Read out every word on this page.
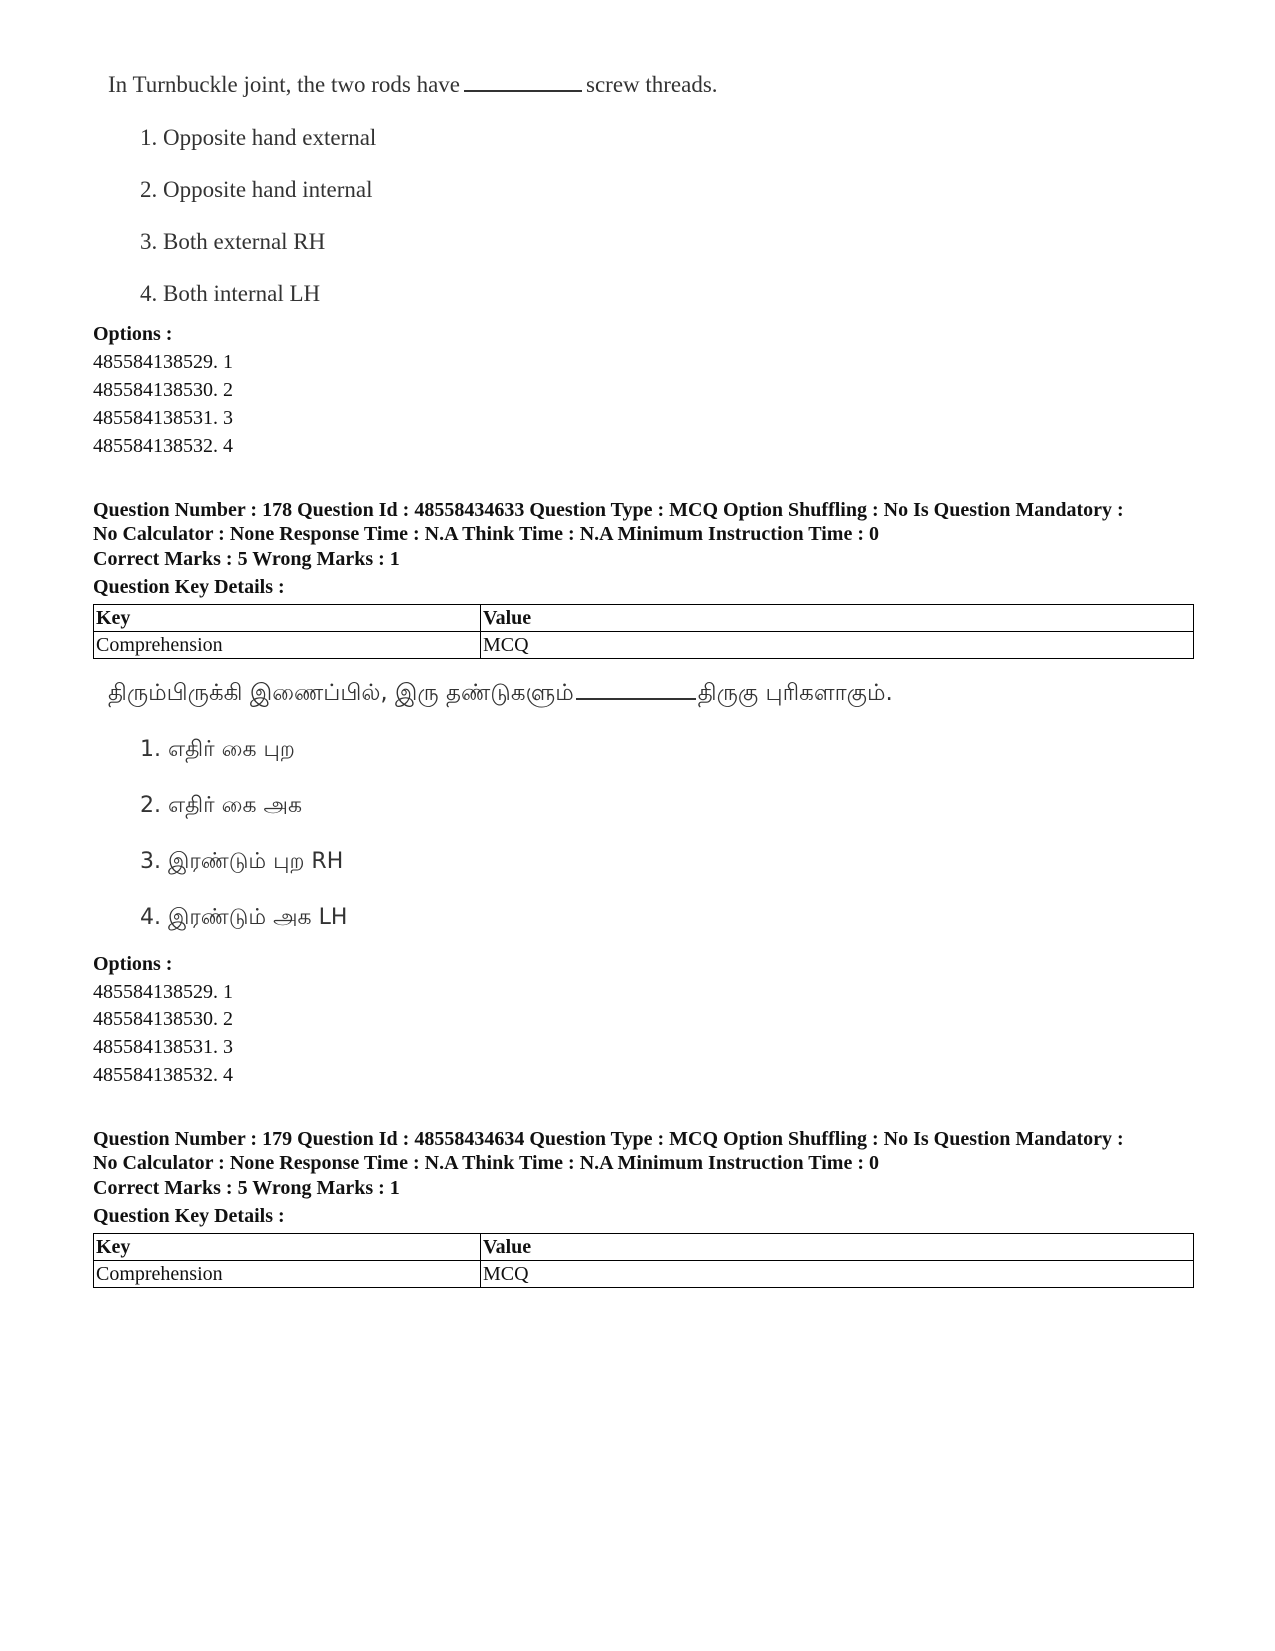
In Turnbuckle joint, the two rods have	screw threads.
1. Opposite hand external
2. Opposite hand internal
3. Both external RH
4. Both internal LH
Options :
485584138529. 1
485584138530. 2
485584138531. 3
485584138532. 4
Question Number : 178 Question Id : 48558434633 Question Type : MCQ Option Shuffling : No Is Question Mandatory :
No Calculator : None Response Time : N.A Think Time : N.A Minimum Instruction Time : 0
Correct Marks : 5 Wrong Marks : 1
Question Key Details :
Key	Value
Comprehension	MCQ
திரும்பிருக்கி இணைப்பில், இரு தண்டுகளும்	திருகு புரிகளாகும்.
1. எதிர் கை புற
2. எதிர் கை அக
3. இரண்டும் புற RH
4. இரண்டும் அக LH
Options :
485584138529. 1
485584138530. 2
485584138531. 3
485584138532. 4
Question Number : 179 Question Id : 48558434634 Question Type : MCQ Option Shuffling : No Is Question Mandatory :
No Calculator : None Response Time : N.A Think Time : N.A Minimum Instruction Time : 0
Correct Marks : 5 Wrong Marks : 1
Question Key Details :
Key	Value
Comprehension	MCQ
